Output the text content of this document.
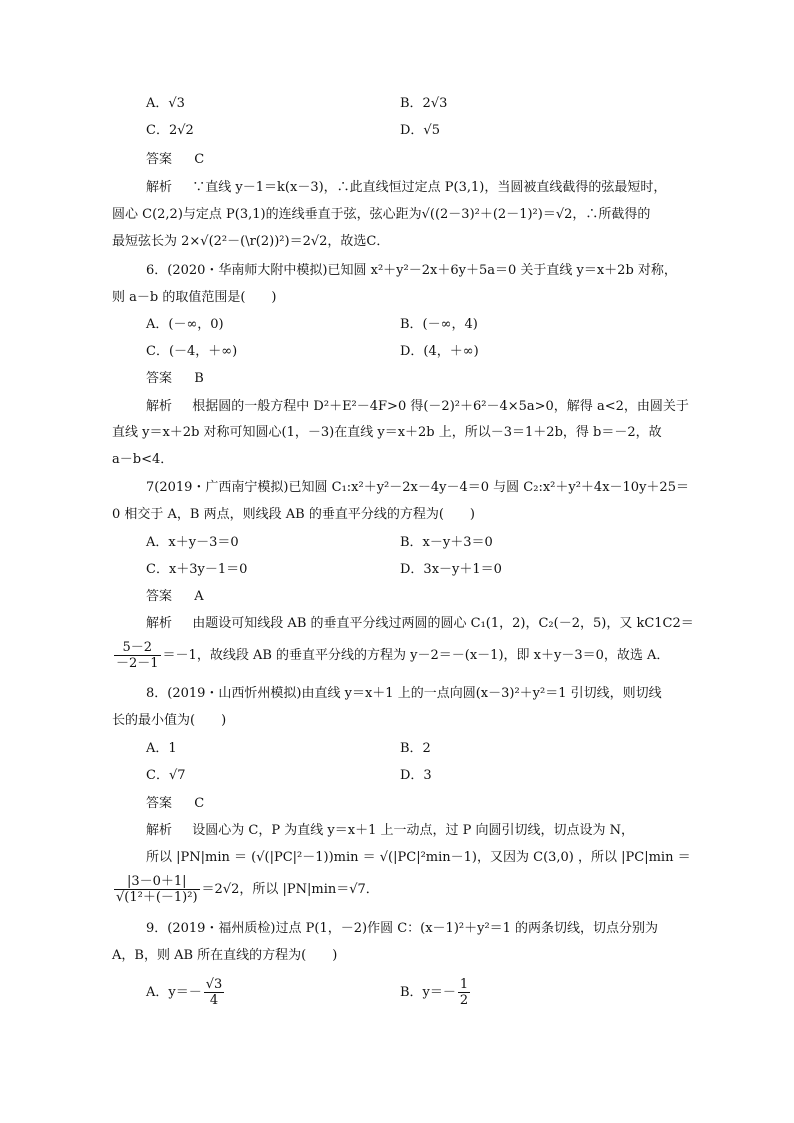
A．√3	B．2√3
C．2√2	D．√5
答案 C
解析 ∵直线 y－1＝k(x－3)，∴此直线恒过定点 P(3,1)，当圆被直线截得的弦最短时，
圆心 C(2,2)与定点 P(3,1)的连线垂直于弦，弦心距为√((2－3)²＋(2－1)²)＝√2，∴所截得的
最短弦长为 2×√(2²－(\r(2))²)＝2√2，故选C．
6．(2020・华南师大附中模拟)已知圆 x²＋y²－2x＋6y＋5a＝0 关于直线 y＝x＋2b 对称，
则 a－b 的取值范围是(　　)
A．(－∞，0)	B．(－∞，4)
C．(－4，＋∞)	D．(4，＋∞)
答案 B
解析 根据圆的一般方程中 D²＋E²－4F>0 得(－2)²＋6²－4×5a>0，解得 a<2，由圆关于
直线 y＝x＋2b 对称可知圆心(1，－3)在直线 y＝x＋2b 上，所以－3＝1＋2b，得 b＝－2，故
a－b<4．
7(2019・广西南宁模拟)已知圆 C₁:x²＋y²－2x－4y－4＝0 与圆 C₂:x²＋y²＋4x－10y＋25＝
0 相交于 A，B 两点，则线段 AB 的垂直平分线的方程为(　　)
A．x＋y－3＝0	B．x－y＋3＝0
C．x＋3y－1＝0	D．3x－y＋1＝0
答案 A
解析 由题设可知线段 AB 的垂直平分线过两圆的圆心 C₁(1，2)，C₂(－2，5)，又 kC1C2＝
$\frac{5-2}{-2-1} =-1$，故线段 AB 的垂直平分线的方程为 y－2＝－(x－1)，即 x＋y－3＝0，故选 A．
8．(2019・山西忻州模拟)由直线 y＝x＋1 上的一点向圆(x－3)²＋y²＝1 引切线，则切线
长的最小值为(　　)
A．1	B．2
C．√7	D．3
答案 C
解析 设圆心为 C，P 为直线 y＝x＋1 上一动点，过 P 向圆引切线，切点设为 N，
所以 |PN|min ＝ (√(|PC|²－1))min ＝ √(|PC|²min－1)，又因为 C(3,0) ，所以 |PC|min ＝
$\frac{|3-0+1|}{\text{√(1²＋(－1)²)}} =2√2$，所以 |PN|min＝√7．
9．(2019・福州质检)过点 P(1，－2)作圆 C：(x－1)²＋y²＝1 的两条切线，切点分别为
A，B，则 AB 所在直线的方程为(　　)
A．$y=- \frac{√3}{4}$	B．$y=- \frac{1}{2}$
